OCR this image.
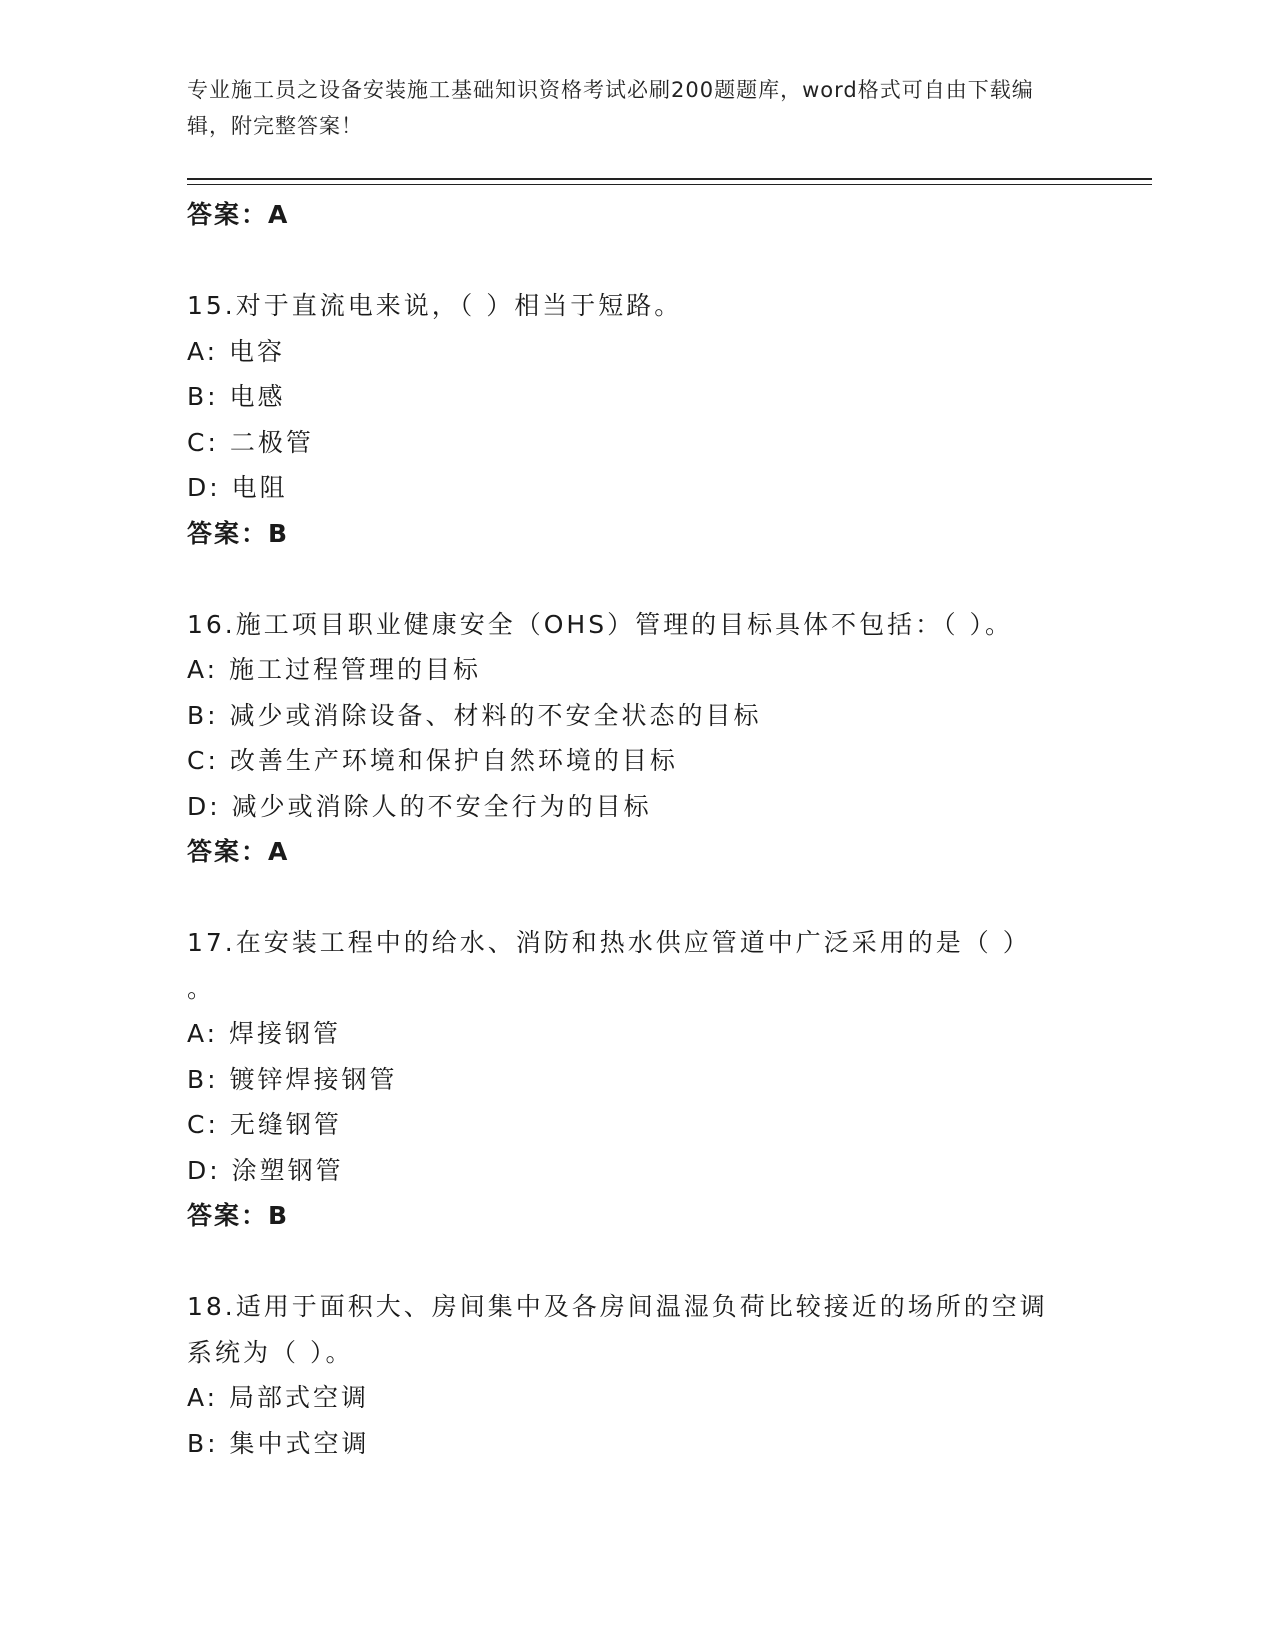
专业施工员之设备安装施工基础知识资格考试必刷200题题库，word格式可自由下载编辑，附完整答案！
答案：A
15.对于直流电来说，（ ）相当于短路。
A: 电容
B: 电感
C: 二极管
D: 电阻
答案：B
16.施工项目职业健康安全（OHS）管理的目标具体不包括：（ ）。
A: 施工过程管理的目标
B: 减少或消除设备、材料的不安全状态的目标
C: 改善生产环境和保护自然环境的目标
D: 减少或消除人的不安全行为的目标
答案：A
17.在安装工程中的给水、消防和热水供应管道中广泛采用的是（ ）
。
A: 焊接钢管
B: 镀锌焊接钢管
C: 无缝钢管
D: 涂塑钢管
答案：B
18.适用于面积大、房间集中及各房间温湿负荷比较接近的场所的空调
系统为（ ）。
A: 局部式空调
B: 集中式空调
